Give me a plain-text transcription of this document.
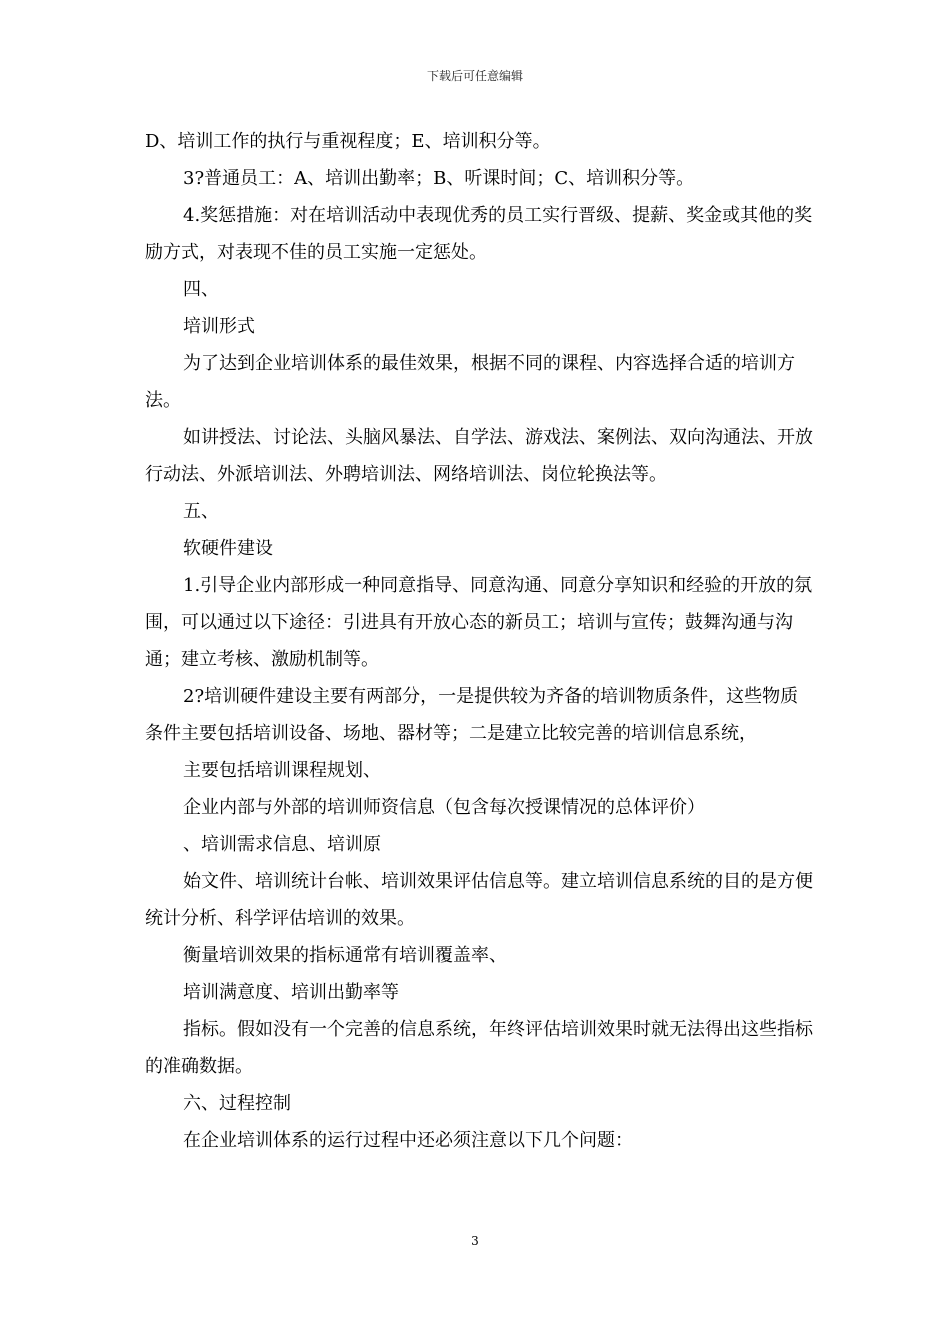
下载后可任意编辑

D、培训工作的执行与重视程度；E、培训积分等。

3?普通员工：A、培训出勤率；B、听课时间；C、培训积分等。

4.奖惩措施：对在培训活动中表现优秀的员工实行晋级、提薪、奖金或其他的奖励方式，对表现不佳的员工实施一定惩处。

四、

培训形式

为了达到企业培训体系的最佳效果，根据不同的课程、内容选择合适的培训方法。

如讲授法、讨论法、头脑风暴法、自学法、游戏法、案例法、双向沟通法、开放行动法、外派培训法、外聘培训法、网络培训法、岗位轮换法等。

五、

软硬件建设

1.引导企业内部形成一种同意指导、同意沟通、同意分享知识和经验的开放的氛围，可以通过以下途径：引进具有开放心态的新员工；培训与宣传；鼓舞沟通与沟通；建立考核、激励机制等。

2?培训硬件建设主要有两部分，一是提供较为齐备的培训物质条件，这些物质条件主要包括培训设备、场地、器材等；二是建立比较完善的培训信息系统，

主要包括培训课程规划、

企业内部与外部的培训师资信息（包含每次授课情况的总体评价）

、培训需求信息、培训原

始文件、培训统计台帐、培训效果评估信息等。建立培训信息系统的目的是方便统计分析、科学评估培训的效果。

衡量培训效果的指标通常有培训覆盖率、

培训满意度、培训出勤率等

指标。假如没有一个完善的信息系统，年终评估培训效果时就无法得出这些指标的准确数据。

六、过程控制

在企业培训体系的运行过程中还必须注意以下几个问题：

3
